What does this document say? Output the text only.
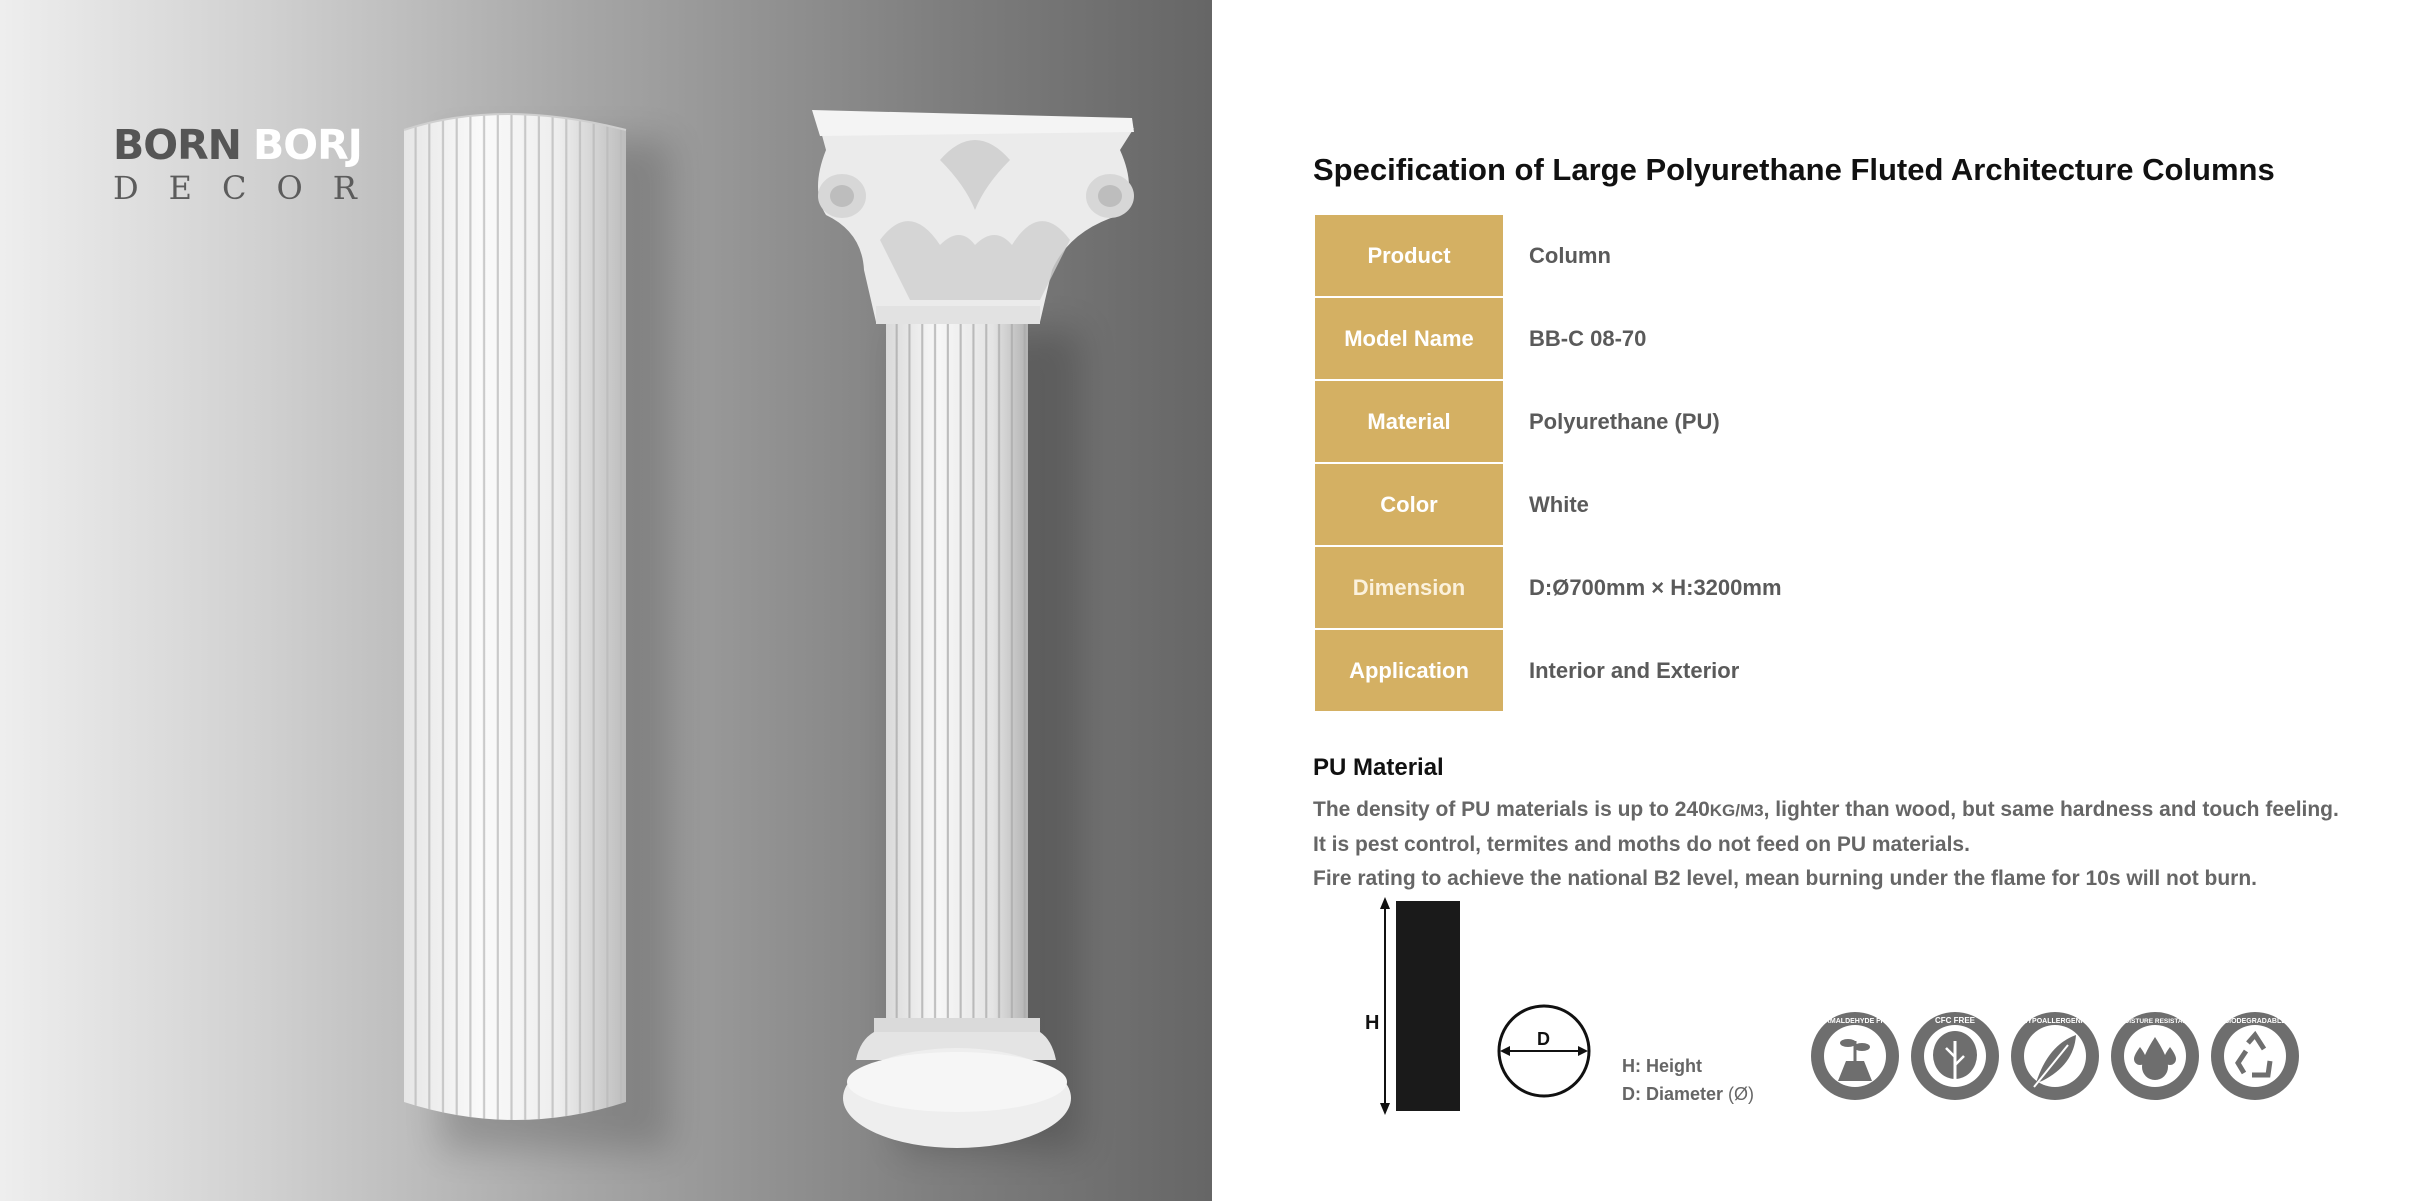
BORN BORJ
DECOR	Specification of Large Polyurethane Fluted Architecture Columns
Product	Column
Model Name	BB-C 08-70
Material	Polyurethane (PU)
Color	White
Dimension	D:Ø700mm × H:3200mm
Application	Interior and Exterior
PU Material
The density of PU materials is up to 240KG/M3, lighter than wood, but same hardness and touch feeling.
It is pest control, termites and moths do not feed on PU materials.
Fire rating to achieve the national B2 level, mean burning under the flame for 10s will not burn.
H
D
H: Height
D: Diameter (Ø)
FORMALDEHYDE FREE	CFC FREE	HYPOALLERGENIC	MOISTURE RESISTANT	BIODEGRADABLE
